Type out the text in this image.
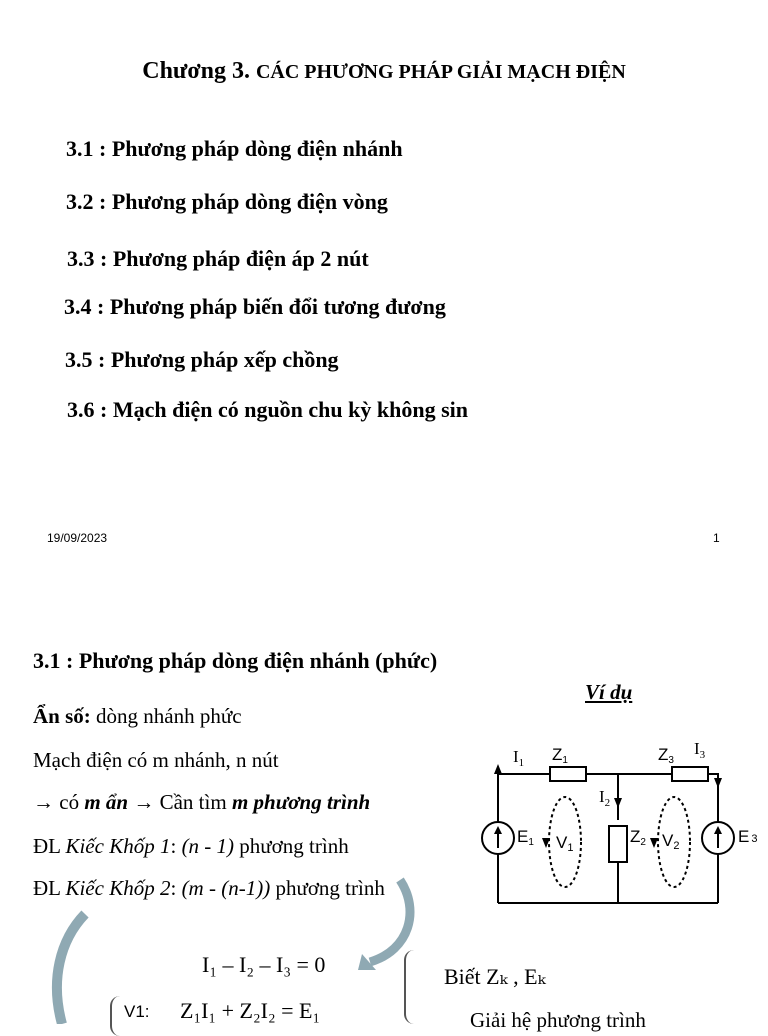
Chương 3. CÁC PHƯƠNG PHÁP GIẢI MẠCH ĐIỆN
3.1 : Phương pháp dòng điện nhánh
3.2 : Phương pháp dòng điện vòng
3.3 : Phương pháp điện áp 2 nút
3.4 : Phương pháp biến đổi tương đương
3.5 : Phương pháp xếp chồng
3.6 : Mạch điện có nguồn chu kỳ không sin
19/09/2023	1
3.1 : Phương pháp dòng điện nhánh (phức)
Ẩn số: dòng nhánh phức
Mạch điện có m nhánh, n nút
→ có m ẩn → Cần tìm m phương trình
ĐL Kiếc Khốp 1: (n - 1) phương trình
ĐL Kiếc Khốp 2: (m - (n-1)) phương trình
Ví dụ
$I_1$ Z1	Z3
$I_3$
$I_2$
Z2
E1	E 3
V1	V2
I₁ – I₂ – I₃ = 0	Biết Zₖ , Eₖ
V1: Z₁I₁ + Z₂I₂ = E₁	Giải hệ phương trình
